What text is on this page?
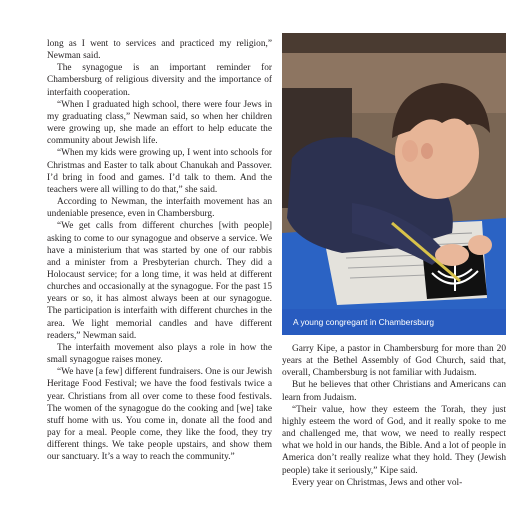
long as I went to services and practiced my religion,” Newman said.

The synagogue is an important reminder for Chambersburg of religious diversity and the importance of interfaith cooperation.

“When I graduated high school, there were four Jews in my graduating class,” Newman said, so when her children were growing up, she made an effort to help educate the community about Jewish life.

“When my kids were growing up, I went into schools for Christmas and Easter to talk about Chanukah and Passover. I’d bring in food and games. I’d talk to them. And the teachers were all willing to do that,” she said.

According to Newman, the interfaith movement has an undeniable presence, even in Chambersburg.

“We get calls from different churches [with people] asking to come to our synagogue and observe a service. We have a ministerium that was started by one of our rabbis and a minister from a Presbyterian church. They did a Holocaust service; for a long time, it was held at different churches and occasionally at the synagogue. For the past 15 years or so, it has almost always been at our synagogue. The participation is interfaith with different churches in the area. We light memorial candles and have different readers,” Newman said.

The interfaith movement also plays a role in how the small synagogue raises money.

“We have [a few] different fundraisers. One is our Jewish Heritage Food Festival; we have the food festivals twice a year. Christians from all over come to these food festivals. The women of the synagogue do the cooking and [we] take stuff home with us. You come in, donate all the food and pay for a meal. People come, they like the food, they try different things. We take people upstairs, and show them our sanctuary. It’s a way to reach the community.”

A young congregant in Chambersburg

Garry Kipe, a pastor in Chambersburg for more than 20 years at the Bethel Assembly of God Church, said that, overall, Chambersburg is not familiar with Judaism.

But he believes that other Christians and Americans can learn from Judaism.

“Their value, how they esteem the Torah, they just highly esteem the word of God, and it really spoke to me and challenged me, that wow, we need to really respect what we hold in our hands, the Bible. And a lot of people in America don’t really realize what they hold. They (Jewish people) take it seriously,” Kipe said.

Every year on Christmas, Jews and other vol-
